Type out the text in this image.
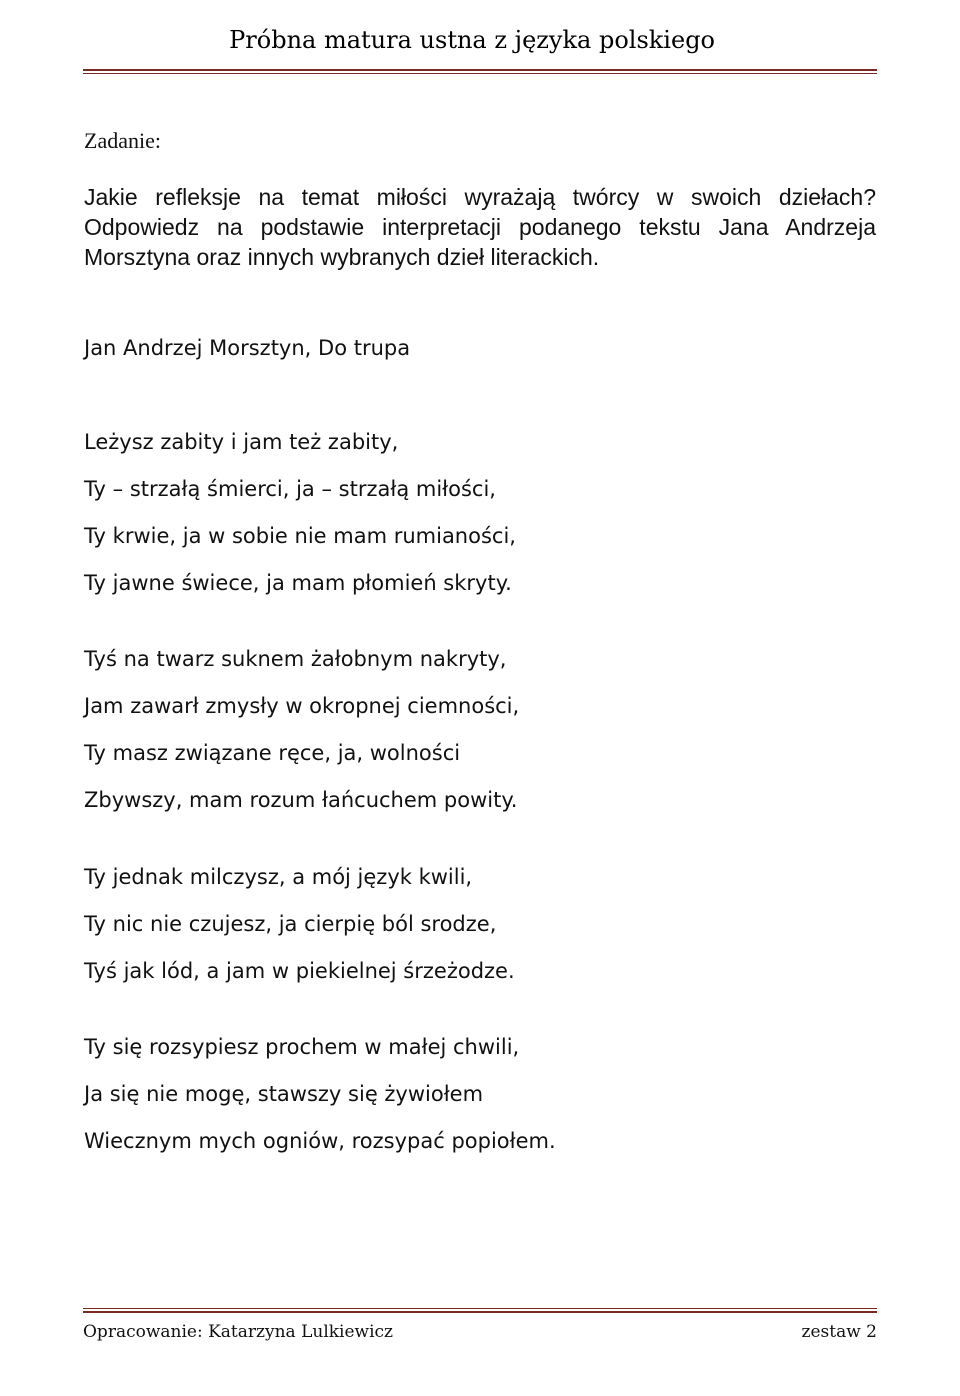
Próbna matura ustna z języka polskiego
Zadanie:

Jakie refleksje na temat miłości wyrażają twórcy w swoich dziełach? Odpowiedz na podstawie interpretacji podanego tekstu Jana Andrzeja Morsztyna oraz innych wybranych dzieł literackich.

Jan Andrzej Morsztyn, Do trupa
Leżysz zabity i jam też zabity,
Ty – strzałą śmierci, ja – strzałą miłości,
Ty krwie, ja w sobie nie mam rumianości,
Ty jawne świece, ja mam płomień skryty.
Tyś na twarz suknem żałobnym nakryty,
Jam zawarł zmysły w okropnej ciemności,
Ty masz związane ręce, ja, wolności
Zbywszy, mam rozum łańcuchem powity.
Ty jednak milczysz, a mój język kwili,
Ty nic nie czujesz, ja cierpię ból srodze,
Tyś jak lód, a jam w piekielnej śrzeżodze.
Ty się rozsypiesz prochem w małej chwili,
Ja się nie mogę, stawszy się żywiołem
Wiecznym mych ogniów, rozsypać popiołem.
Opracowanie: Katarzyna Lulkiewicz	zestaw 2
